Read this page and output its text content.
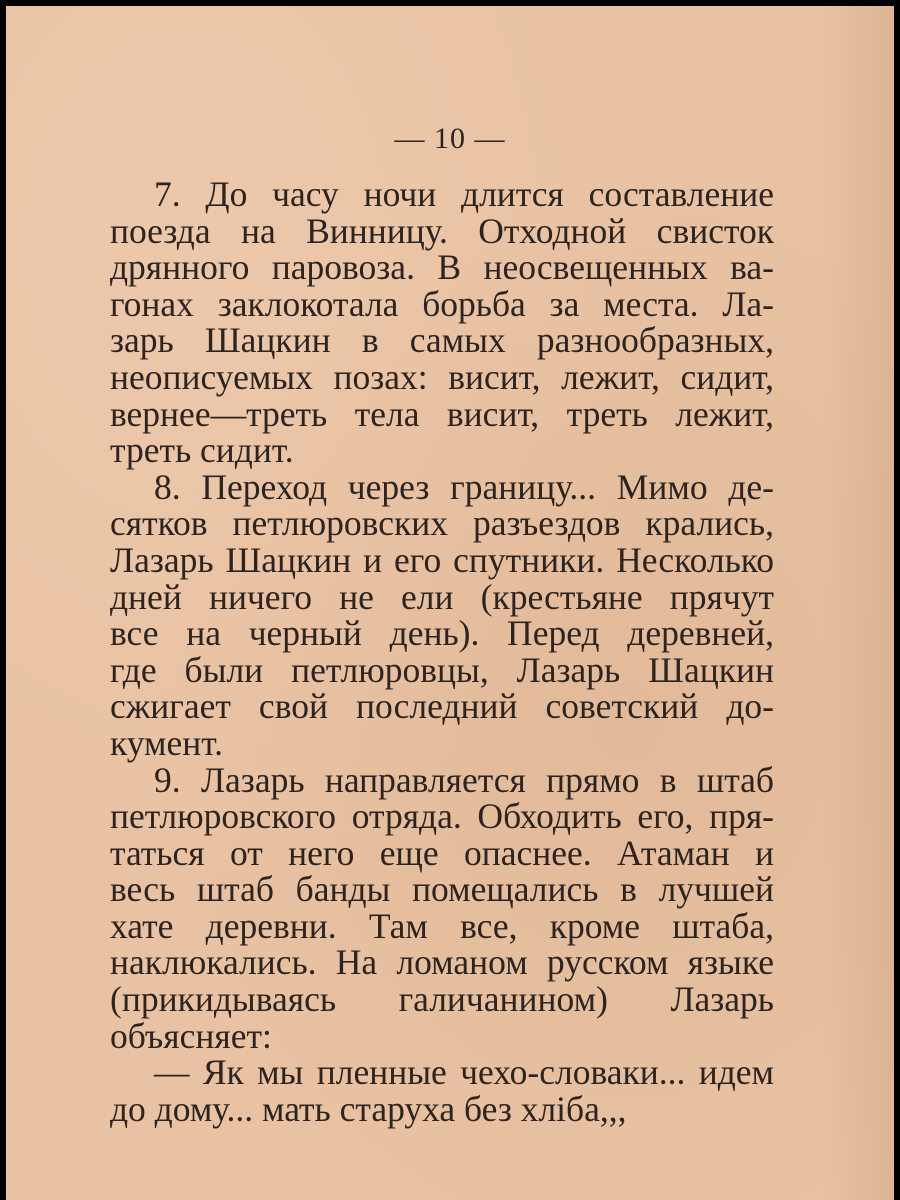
— 10 —
7. До часу ночи длится составление
поезда на Винницу. Отходной свисток
дрянного паровоза. В неосвещенных ва-
гонах заклокотала борьба за места. Ла-
зарь Шацкин в самых разнообразных,
неописуемых позах: висит, лежит, сидит,
вернее—треть тела висит, треть лежит,
треть сидит.
8. Переход через границу... Мимо де-
сятков петлюровских разъездов крались,
Лазарь Шацкин и его спутники. Несколько
дней ничего не ели (крестьяне прячут
все на черный день). Перед деревней,
где были петлюровцы, Лазарь Шацкин
сжигает свой последний советский до-
кумент.
9. Лазарь направляется прямо в штаб
петлюровского отряда. Обходить его, пря-
таться от него еще опаснее. Атаман и
весь штаб банды помещались в лучшей
хате деревни. Там все, кроме штаба,
наклюкались. На ломаном русском языке
(прикидываясь галичанином) Лазарь
объясняет:
— Як мы пленные чехо-словаки... идем
до дому... мать старуха без хліба,,,
